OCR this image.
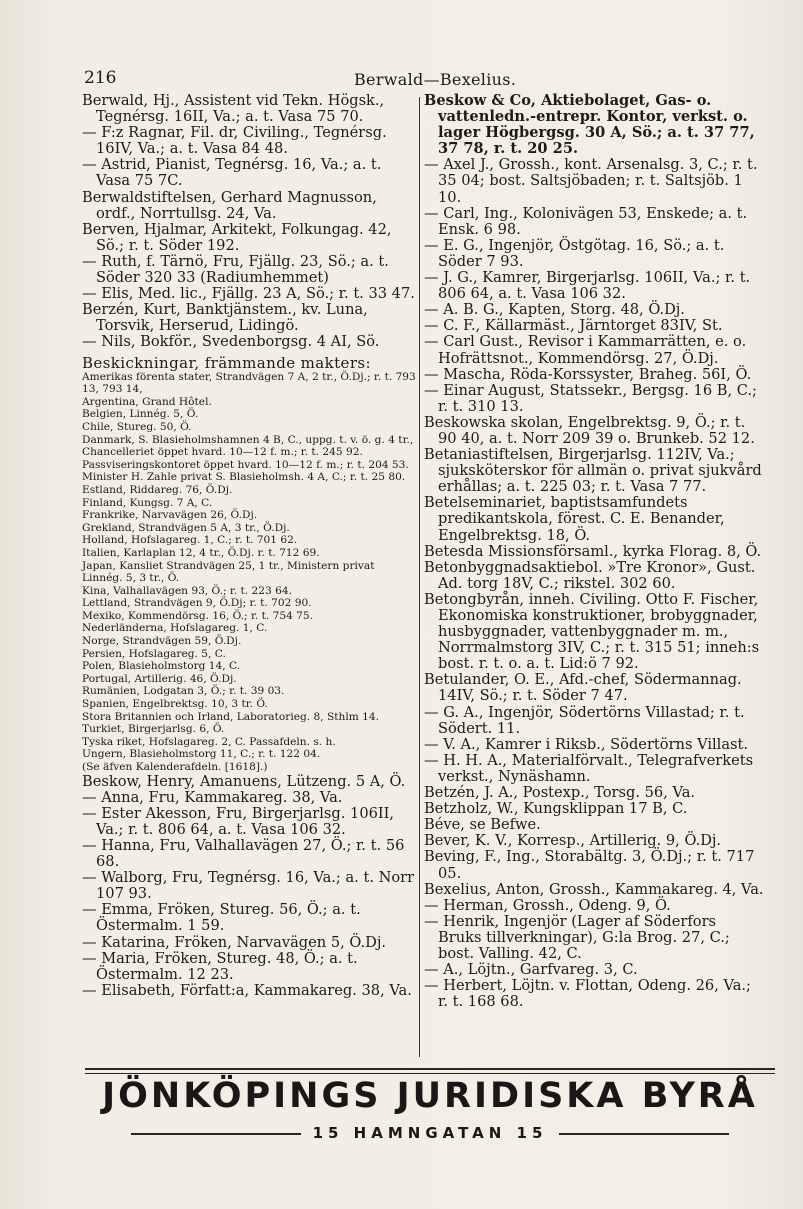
216	Berwald—Bexelius.

Berwald, Hj., Assistent vid Tekn. Högsk., Tegnérsg. 16II, Va.; a. t. Vasa 75 70.

— F:z Ragnar, Fil. dr, Civiling., Tegnérsg. 16IV, Va.; a. t. Vasa 84 48.

— Astrid, Pianist, Tegnérsg. 16, Va.; a. t. Vasa 75 7C.

Berwaldstiftelsen, Gerhard Magnusson, ordf., Norrtullsg. 24, Va.

Berven, Hjalmar, Arkitekt, Folkungag. 42, Sö.; r. t. Söder 192.

— Ruth, f. Tärnö, Fru, Fjällg. 23, Sö.; a. t. Söder 320 33 (Radiumhemmet)

— Elis, Med. lic., Fjällg. 23 A, Sö.; r. t. 33 47.

Berzén, Kurt, Banktjänstem., kv. Luna, Torsvik, Herserud, Lidingö.

— Nils, Bokför., Svedenborgsg. 4 AI, Sö.

Beskickningar, främmande makters:

Amerikas förenta stater, Strandvägen 7 A, 2 tr., Ö.Dj.; r. t. 793 13, 793 14,

Argentina, Grand Hôtel.

Belgien, Linnég. 5, Ö.

Chile, Stureg. 50, Ö.

Danmark, S. Blasieholmshamnen 4 B, C., uppg. t. v. ö. g. 4 tr., Chancelleriet öppet hvard. 10—12 f. m.; r. t. 245 92. Passviseringskontoret öppet hvard. 10—12 f. m.; r. t. 204 53. Minister H. Zahle privat S. Blasieholmsh. 4 A, C.; r. t. 25 80.

Estland, Riddareg. 76, Ö.Dj.

Finland, Kungsg. 7 A, C.

Frankrike, Narvavägen 26, Ö.Dj.

Grekland, Strandvägen 5 A, 3 tr., Ö.Dj.

Holland, Hofslagareg. 1, C.; r. t. 701 62.

Italien, Karlaplan 12, 4 tr., Ö.Dj. r. t. 712 69.

Japan, Kansliet Strandvägen 25, 1 tr., Ministern privat Linnég. 5, 3 tr., Ö.

Kina, Valhallavägen 93, Ö.; r. t. 223 64.

Lettland, Strandvägen 9, Ö.Dj; r. t. 702 90.

Mexiko, Kommendörsg. 16, Ö.; r. t. 754 75.

Nederländerna, Hofslagareg. 1, C.

Norge, Strandvägen 59, Ö.Dj.

Persien, Hofslagareg. 5, C.

Polen, Blasieholmstorg 14, C.

Portugal, Artillerig. 46, Ö.Dj.

Rumänien, Lodgatan 3, Ö.; r. t. 39 03.

Spanien, Engelbrektsg. 10, 3 tr. Ö.

Stora Britannien och Irland, Laboratorieg. 8, Sthlm 14.

Turkiet, Birgerjarlsg. 6, Ö.

Tyska riket, Hofslagareg. 2, C. Passafdeln. s. h.

Ungern, Blasieholmstorg 11, C.; r. t. 122 04.

(Se äfven Kalenderafdeln. [1618].)

Beskow, Henry, Amanuens, Lützeng. 5 A, Ö.

— Anna, Fru, Kammakareg. 38, Va.

— Ester Akesson, Fru, Birgerjarlsg. 106II, Va.; r. t. 806 64, a. t. Vasa 106 32.

— Hanna, Fru, Valhallavägen 27, Ö.; r. t. 56 68.

— Walborg, Fru, Tegnérsg. 16, Va.; a. t. Norr 107 93.

— Emma, Fröken, Stureg. 56, Ö.; a. t. Östermalm. 1 59.

— Katarina, Fröken, Narvavägen 5, Ö.Dj.

— Maria, Fröken, Stureg. 48, Ö.; a. t. Östermalm. 12 23.

— Elisabeth, Författ:a, Kammakareg. 38, Va.

Beskow & Co, Aktiebolaget, Gas- o. vattenledn.-entrepr. Kontor, verkst. o. lager Högbergsg. 30 A, Sö.; a. t. 37 77, 37 78, r. t. 20 25.

— Axel J., Grossh., kont. Arsenalsg. 3, C.; r. t. 35 04; bost. Saltsjöbaden; r. t. Saltsjöb. 1 10.

— Carl, Ing., Kolonivägen 53, Enskede; a. t. Ensk. 6 98.

— E. G., Ingenjör, Östgötag. 16, Sö.; a. t. Söder 7 93.

— J. G., Kamrer, Birgerjarlsg. 106II, Va.; r. t. 806 64, a. t. Vasa 106 32.

— A. B. G., Kapten, Storg. 48, Ö.Dj.

— C. F., Källarmäst., Järntorget 83IV, St.

— Carl Gust., Revisor i Kammarrätten, e. o. Hofrättsnot., Kommendörsg. 27, Ö.Dj.

— Mascha, Röda-Korssyster, Braheg. 56I, Ö.

— Einar August, Statssekr., Bergsg. 16 B, C.; r. t. 310 13.

Beskowska skolan, Engelbrektsg. 9, Ö.; r. t. 90 40, a. t. Norr 209 39 o. Brunkeb. 52 12.

Betaniastiftelsen, Birgerjarlsg. 112IV, Va.; sjukskötersk​or för allmän o. privat sjukvård erhållas; a. t. 225 03; r. t. Vasa 7 77.

Betelseminariet, baptistsamfundets predikantskola, förest. C. E. Benander, Engelbrektsg. 18, Ö.

Betesda Missionsförsaml., kyrka Florag. 8, Ö.

Betonbyggnadsaktiebol. »Tre Kronor», Gust. Ad. torg 18V, C.; rikstel. 302 60.

Betongbyrån, inneh. Civiling. Otto F. Fischer, Ekonomiska konstruktioner, brobyggnader, husbyggnader, vattenbyggnader m. m., Norrmalmstorg 3IV, C.; r. t. 315 51; inneh:s bost. r. t. o. a. t. Lid:ö 7 92.

Betulander, O. E., Afd.-chef, Södermannag. 14IV, Sö.; r. t. Söder 7 47.

— G. A., Ingenjör, Södertörns Villastad; r. t. Södert. 11.

— V. A., Kamrer i Riksb., Södertörns Villast.

— H. H. A., Materialförvalt., Telegrafverkets verkst., Nynäshamn.

Betzén, J. A., Postexp., Torsg. 56, Va.

Betzholz, W., Kungsklippan 17 B, C.

Béve, se Befwe.

Bever, K. V., Korresp., Artillerig. 9, Ö.Dj.

Beving, F., Ing., Storabältg. 3, Ö.Dj.; r. t. 717 05.

Bexelius, Anton, Grossh., Kammakareg. 4, Va.

— Herman, Grossh., Odeng. 9, Ö.

— Henrik, Ingenjör (Lager af Söderfors Bruks tillverkningar), G:la Brog. 27, C.; bost. Valling. 42, C.

— A., Löjtn., Garfvareg. 3, C.

— Herbert, Löjtn. v. Flottan, Odeng. 26, Va.; r. t. 168 68.

JÖNKÖPINGS JURIDISKA BYRÅ
15 HAMNGATAN 15
